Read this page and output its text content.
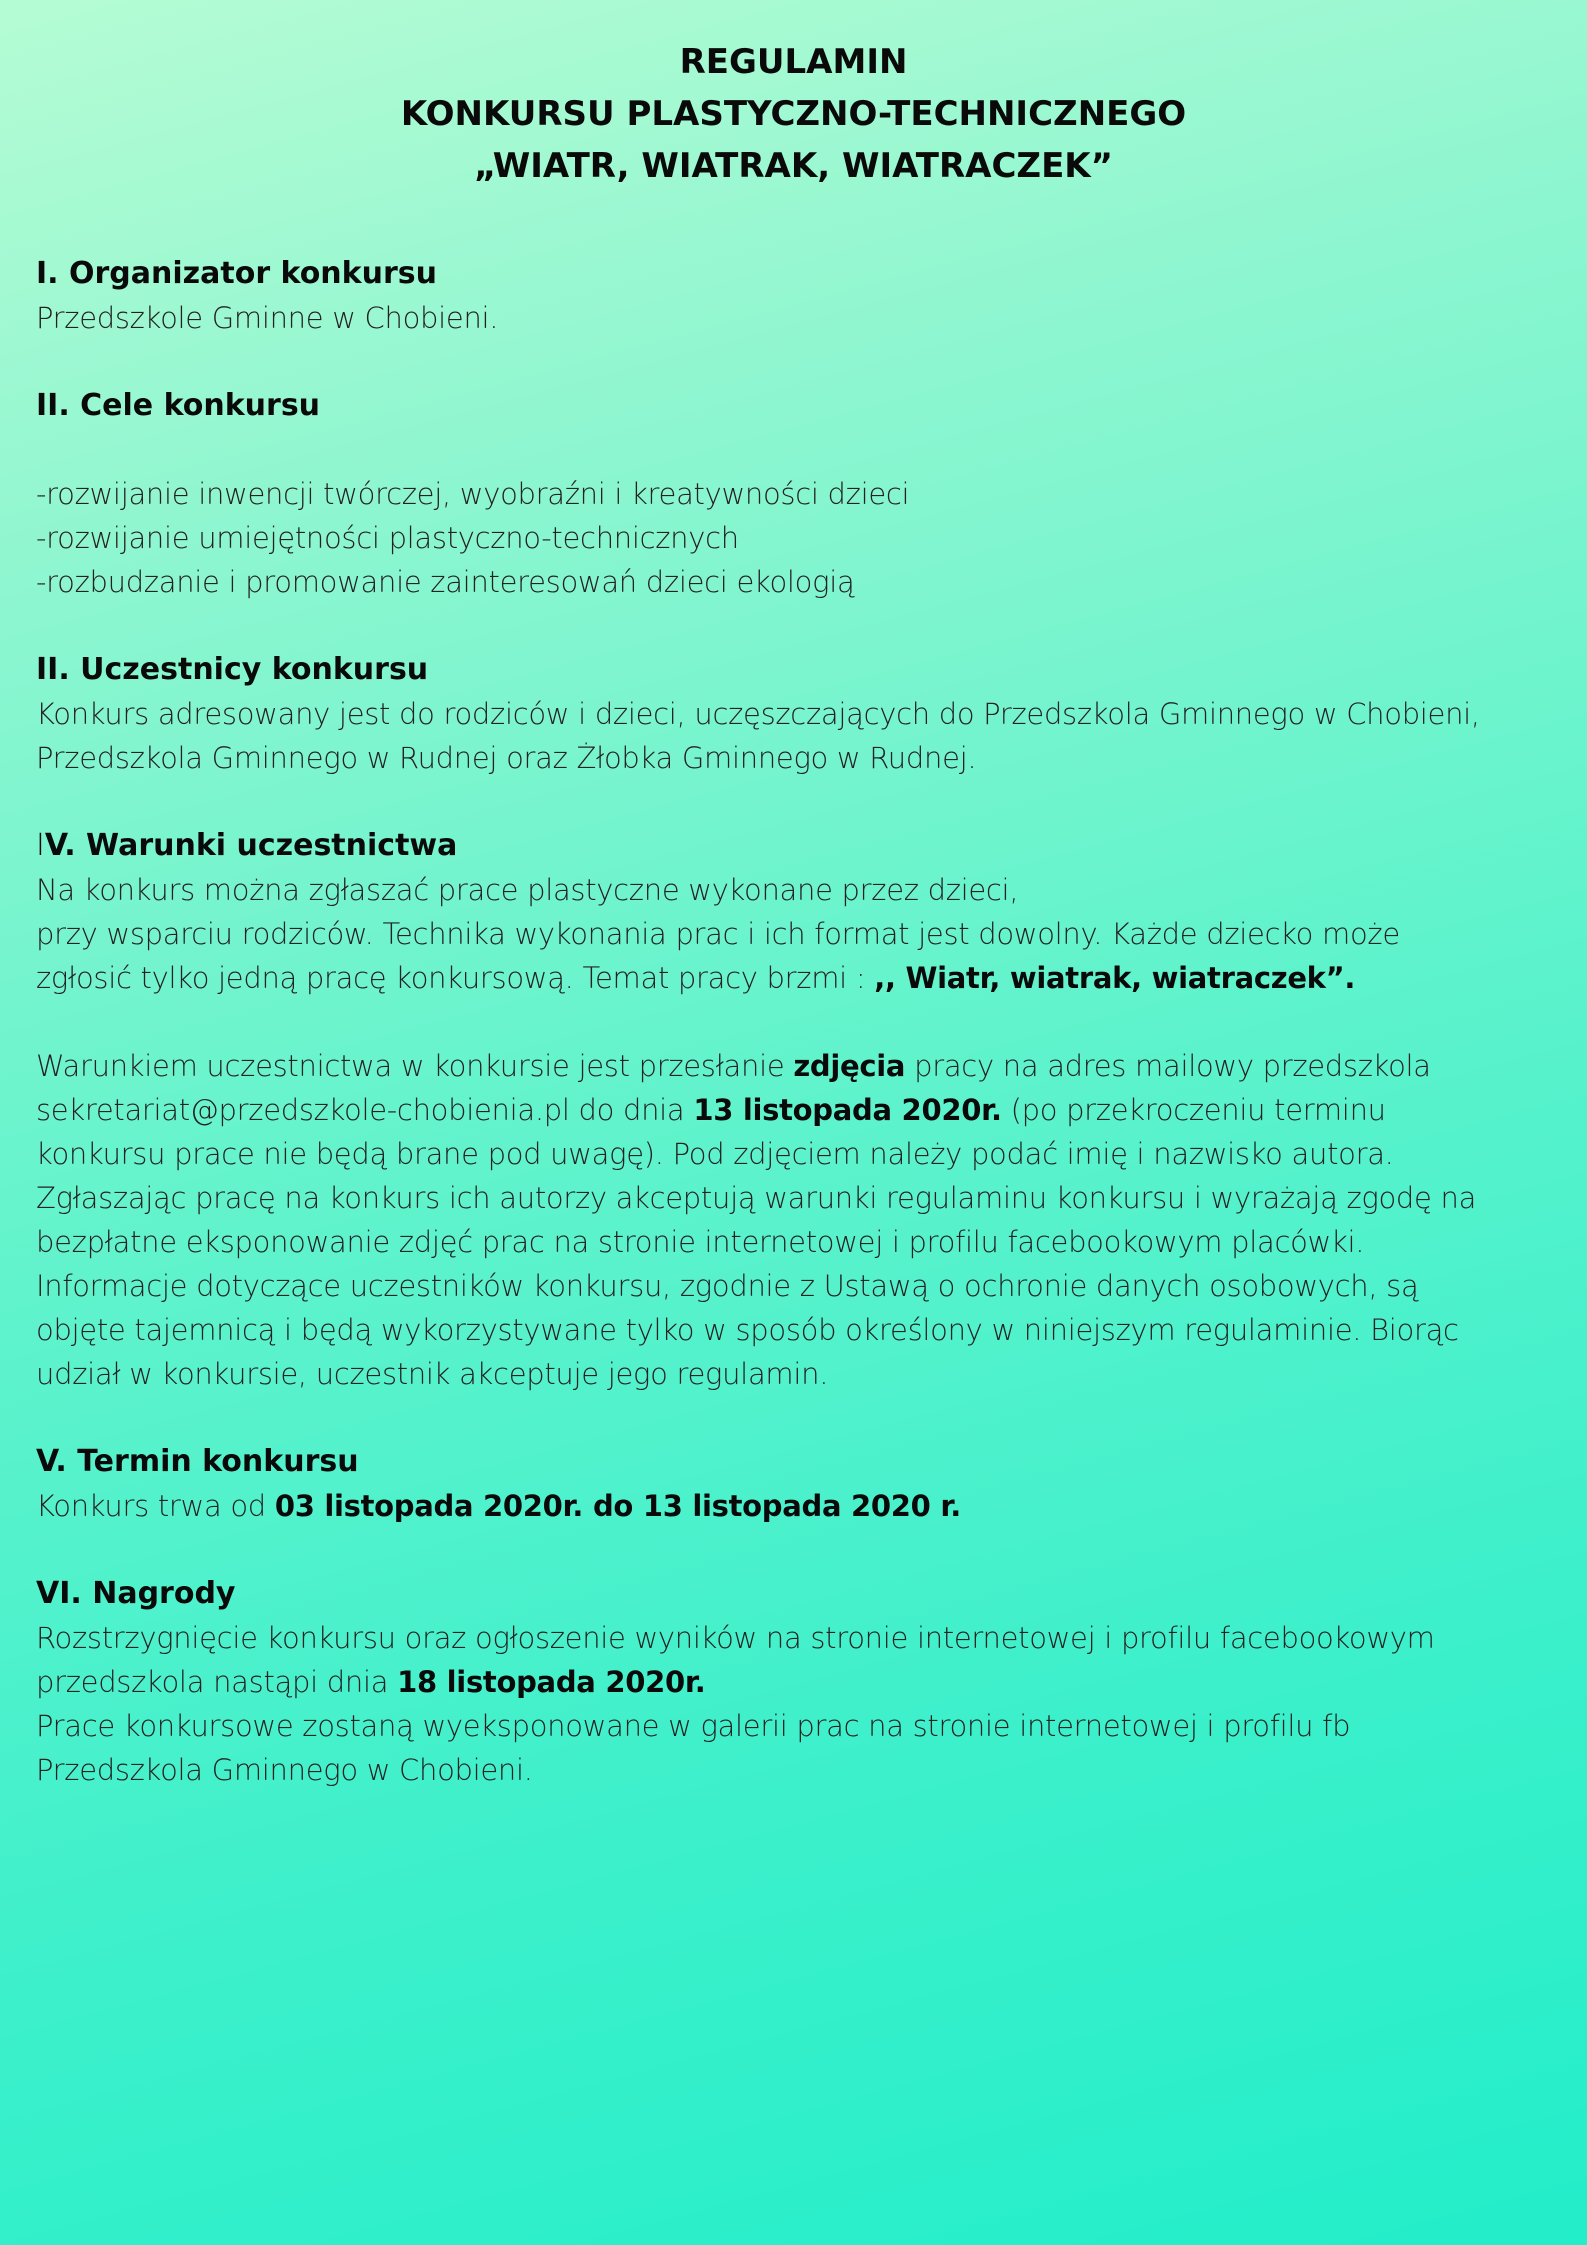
REGULAMIN
KONKURSU PLASTYCZNO-TECHNICZNEGO
„WIATR, WIATRAK, WIATRACZEK”
I. Organizator konkursu
Przedszkole Gminne w Chobieni.
II. Cele konkursu
-rozwijanie inwencji twórczej, wyobraźni i kreatywności dzieci
-rozwijanie umiejętności plastyczno-technicznych
-rozbudzanie i promowanie zainteresowań dzieci ekologią
II. Uczestnicy konkursu
Konkurs adresowany jest do rodziców i dzieci, uczęszczających do Przedszkola Gminnego w Chobieni,
Przedszkola Gminnego w Rudnej oraz Żłobka Gminnego w Rudnej.
IV. Warunki uczestnictwa
Na konkurs można zgłaszać prace plastyczne wykonane przez dzieci,
przy wsparciu rodziców. Technika wykonania prac i ich format jest dowolny. Każde dziecko może
zgłosić tylko jedną pracę konkursową. Temat pracy brzmi : ,, Wiatr, wiatrak, wiatraczek”.
Warunkiem uczestnictwa w konkursie jest przesłanie zdjęcia pracy na adres mailowy przedszkola
sekretariat@przedszkole-chobienia.pl do dnia 13 listopada 2020r. (po przekroczeniu terminu
konkursu prace nie będą brane pod uwagę). Pod zdjęciem należy podać imię i nazwisko autora.
Zgłaszając pracę na konkurs ich autorzy akceptują warunki regulaminu konkursu i wyrażają zgodę na
bezpłatne eksponowanie zdjęć prac na stronie internetowej i profilu facebookowym placówki.
Informacje dotyczące uczestników konkursu, zgodnie z Ustawą o ochronie danych osobowych, są
objęte tajemnicą i będą wykorzystywane tylko w sposób określony w niniejszym regulaminie. Biorąc
udział w konkursie, uczestnik akceptuje jego regulamin.
V. Termin konkursu
Konkurs trwa od 03 listopada 2020r. do 13 listopada 2020 r.
VI. Nagrody
Rozstrzygnięcie konkursu oraz ogłoszenie wyników na stronie internetowej i profilu facebookowym
przedszkola nastąpi dnia 18 listopada 2020r.
Prace konkursowe zostaną wyeksponowane w galerii prac na stronie internetowej i profilu fb
Przedszkola Gminnego w Chobieni.
